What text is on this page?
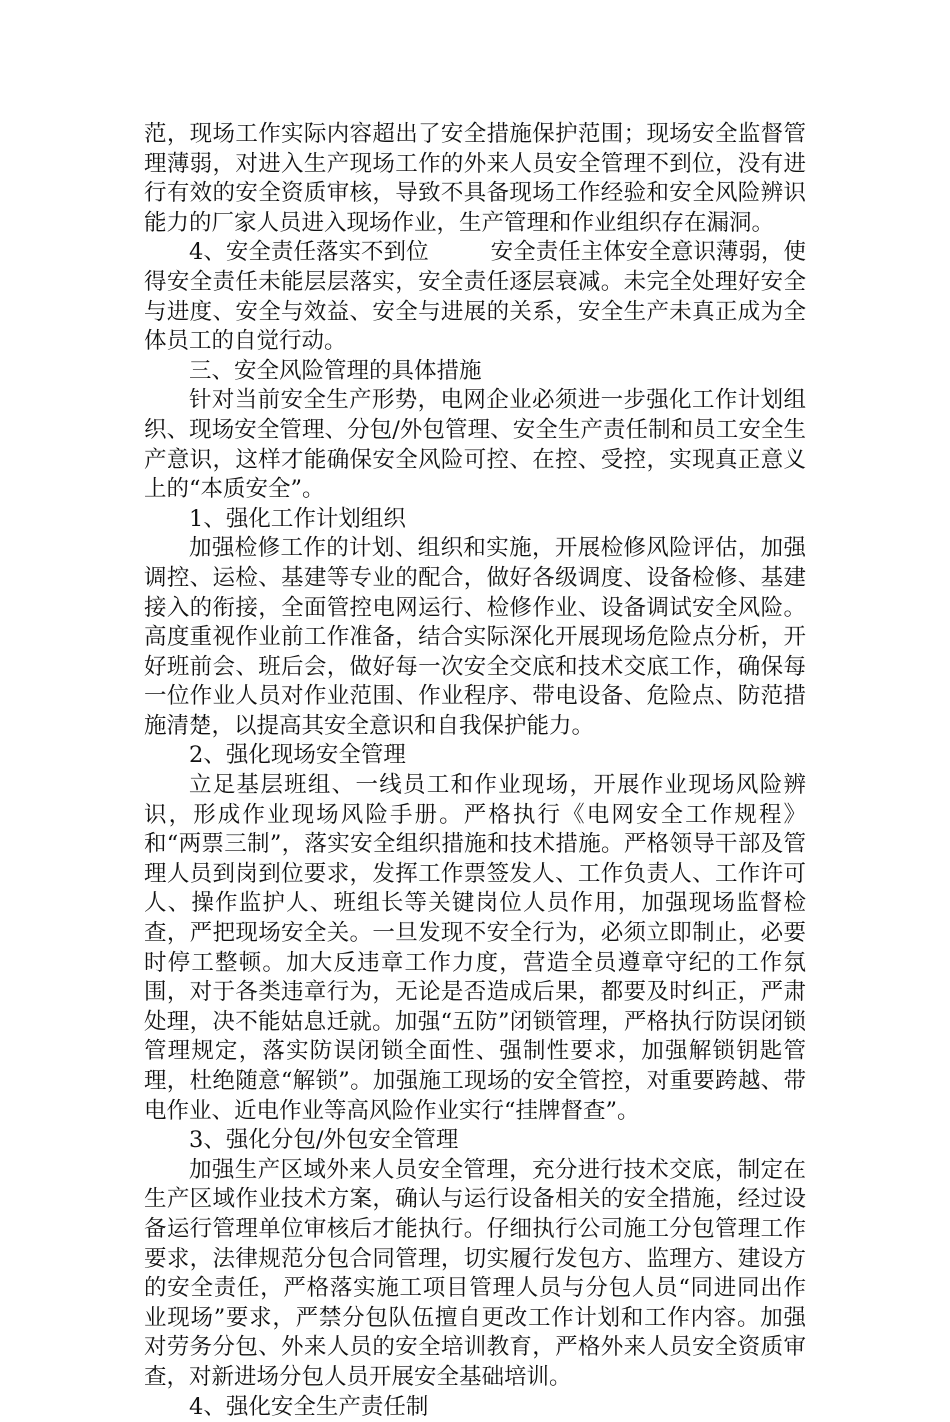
范，现场工作实际内容超出了安全措施保护范围；现场安全监督管理薄弱，对进入生产现场工作的外来人员安全管理不到位，没有进行有效的安全资质审核，导致不具备现场工作经验和安全风险辨识能力的厂家人员进入现场作业，生产管理和作业组织存在漏洞。

4、安全责任落实不到位	安全责任主体安全意识薄弱，使得安全责任未能层层落实，安全责任逐层衰减。未完全处理好安全与进度、安全与效益、安全与进展的关系，安全生产未真正成为全体员工的自觉行动。

三、安全风险管理的具体措施

针对当前安全生产形势，电网企业必须进一步强化工作计划组织、现场安全管理、分包/外包管理、安全生产责任制和员工安全生产意识，这样才能确保安全风险可控、在控、受控，实现真正意义上的“本质安全”。

1、强化工作计划组织

加强检修工作的计划、组织和实施，开展检修风险评估，加强调控、运检、基建等专业的配合，做好各级调度、设备检修、基建接入的衔接，全面管控电网运行、检修作业、设备调试安全风险。高度重视作业前工作准备，结合实际深化开展现场危险点分析，开好班前会、班后会，做好每一次安全交底和技术交底工作，确保每一位作业人员对作业范围、作业程序、带电设备、危险点、防范措施清楚，以提高其安全意识和自我保护能力。

2、强化现场安全管理

立足基层班组、一线员工和作业现场，开展作业现场风险辨识，形成作业现场风险手册。严格执行《电网安全工作规程》和“两票三制”，落实安全组织措施和技术措施。严格领导干部及管理人员到岗到位要求，发挥工作票签发人、工作负责人、工作许可人、操作监护人、班组长等关键岗位人员作用，加强现场监督检查，严把现场安全关。一旦发现不安全行为，必须立即制止，必要时停工整顿。加大反违章工作力度，营造全员遵章守纪的工作氛围，对于各类违章行为，无论是否造成后果，都要及时纠正，严肃处理，决不能姑息迁就。加强“五防”闭锁管理，严格执行防误闭锁管理规定，落实防误闭锁全面性、强制性要求，加强解锁钥匙管理，杜绝随意“解锁”。加强施工现场的安全管控，对重要跨越、带电作业、近电作业等高风险作业实行“挂牌督查”。

3、强化分包/外包安全管理

加强生产区域外来人员安全管理，充分进行技术交底，制定在生产区域作业技术方案，确认与运行设备相关的安全措施，经过设备运行管理单位审核后才能执行。仔细执行公司施工分包管理工作要求，法律规范分包合同管理，切实履行发包方、监理方、建设方的安全责任，严格落实施工项目管理人员与分包人员“同进同出作业现场”要求，严禁分包队伍擅自更改工作计划和工作内容。加强对劳务分包、外来人员的安全培训教育，严格外来人员安全资质审查，对新进场分包人员开展安全基础培训。

4、强化安全生产责任制
